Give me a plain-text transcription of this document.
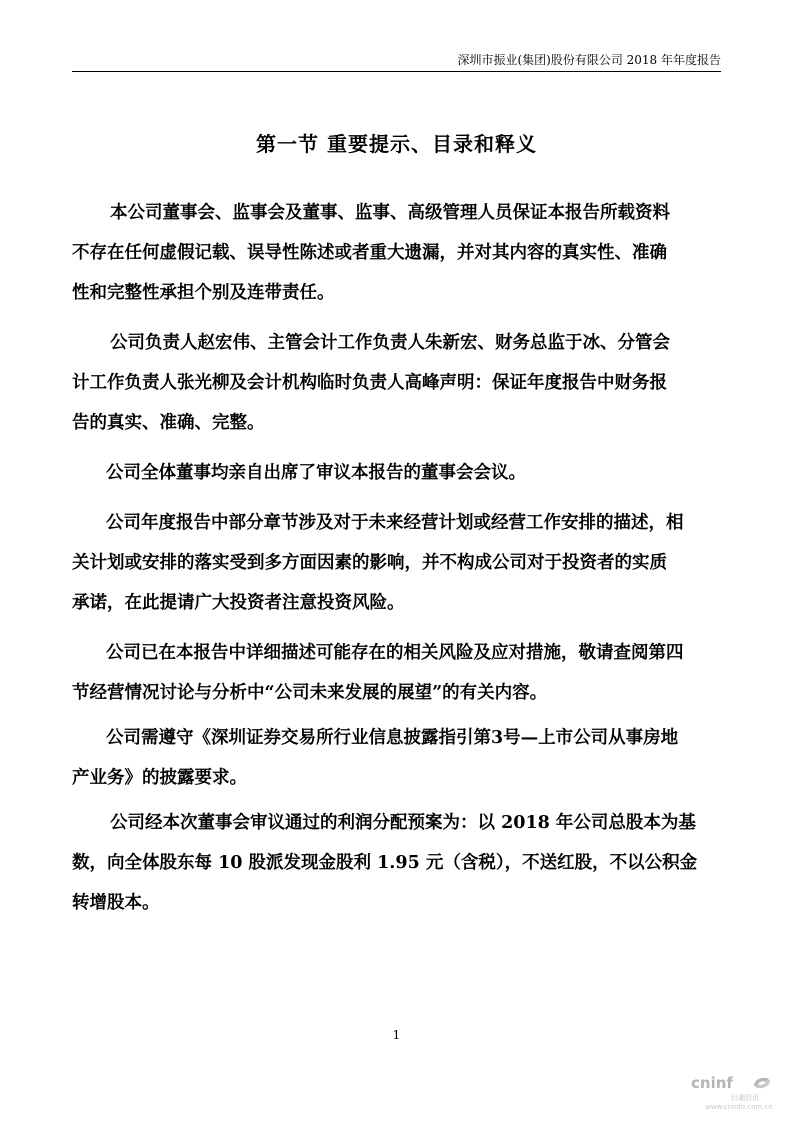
深圳市振业(集团)股份有限公司 2018 年年度报告
第一节 重要提示、目录和释义
本公司董事会、监事会及董事、监事、高级管理人员保证本报告所载资料
不存在任何虚假记载、误导性陈述或者重大遗漏，并对其内容的真实性、准确
性和完整性承担个别及连带责任。
公司负责人赵宏伟、主管会计工作负责人朱新宏、财务总监于冰、分管会
计工作负责人张光柳及会计机构临时负责人高峰声明：保证年度报告中财务报
告的真实、准确、完整。
公司全体董事均亲自出席了审议本报告的董事会会议。
公司年度报告中部分章节涉及对于未来经营计划或经营工作安排的描述，相
关计划或安排的落实受到多方面因素的影响，并不构成公司对于投资者的实质
承诺，在此提请广大投资者注意投资风险。
公司已在本报告中详细描述可能存在的相关风险及应对措施，敬请查阅第四
节经营情况讨论与分析中“公司未来发展的展望”的有关内容。
公司需遵守《深圳证券交易所行业信息披露指引第3号—上市公司从事房地
产业务》的披露要求。
公司经本次董事会审议通过的利润分配预案为：以 2018 年公司总股本为基
数，向全体股东每 10 股派发现金股利 1.95 元（含税），不送红股，不以公积金
转增股本。
1
cninf
巨潮资讯
www.cninfo.com.cn
